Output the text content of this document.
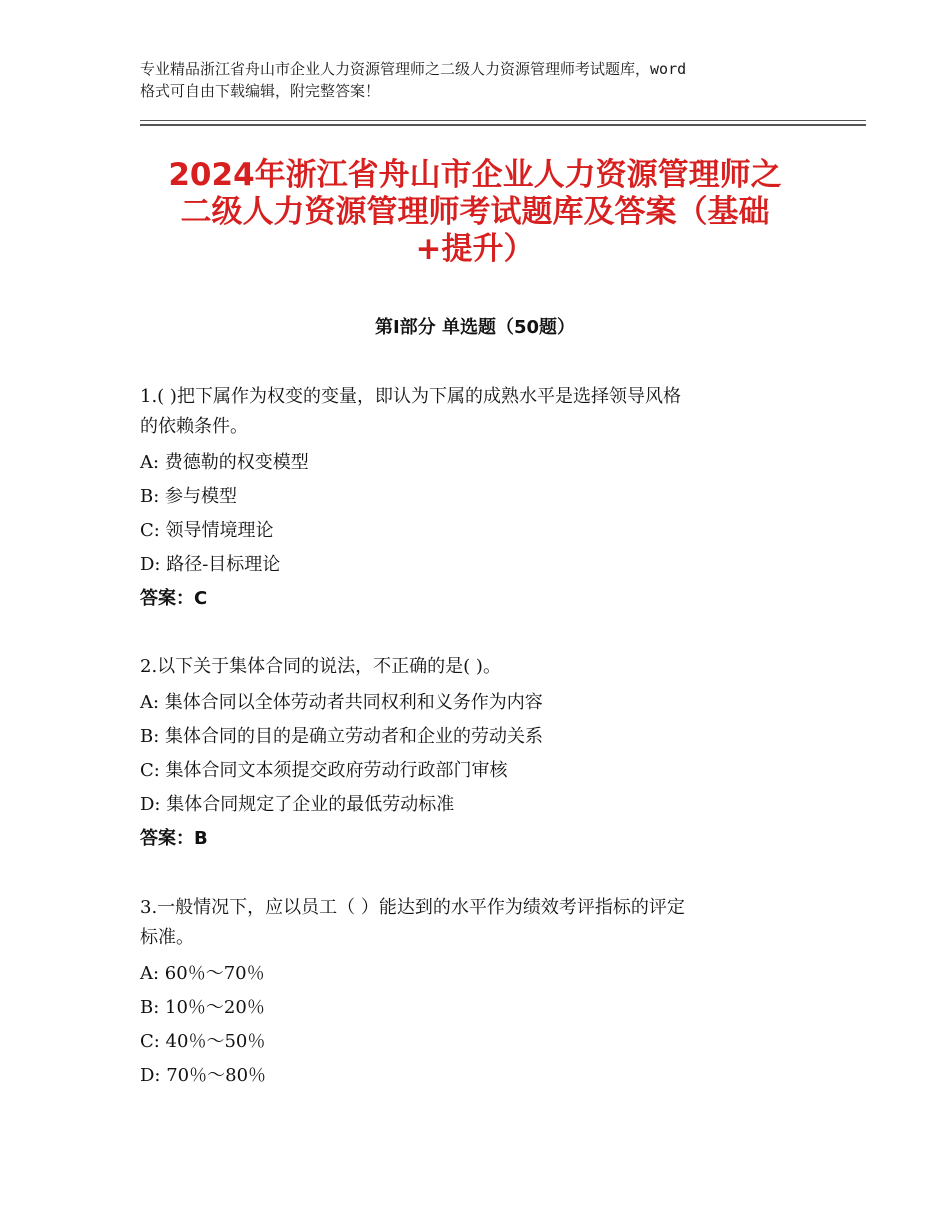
专业精品浙江省舟山市企业人力资源管理师之二级人力资源管理师考试题库，word
格式可自由下载编辑，附完整答案！
2024年浙江省舟山市企业人力资源管理师之
二级人力资源管理师考试题库及答案（基础
+提升）
第Ⅰ部分 单选题（50题）
1.( )把下属作为权变的变量，即认为下属的成熟水平是选择领导风格
的依赖条件。
A: 费德勒的权变模型
B: 参与模型
C: 领导情境理论
D: 路径-目标理论
答案：C
2.以下关于集体合同的说法，不正确的是( )。
A: 集体合同以全体劳动者共同权利和义务作为内容
B: 集体合同的目的是确立劳动者和企业的劳动关系
C: 集体合同文本须提交政府劳动行政部门审核
D: 集体合同规定了企业的最低劳动标准
答案：B
3.一般情况下，应以员工（ ）能达到的水平作为绩效考评指标的评定
标准。
A: 60％～70％
B: 10％～20％
C: 40％～50％
D: 70％～80％
